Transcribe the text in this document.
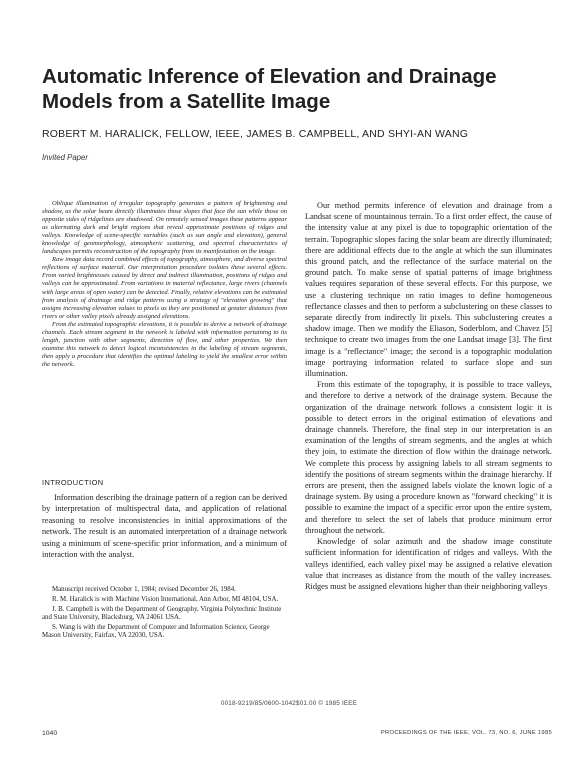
Automatic Inference of Elevation and Drainage Models from a Satellite Image
ROBERT M. HARALICK, FELLOW, IEEE, JAMES B. CAMPBELL, AND SHYI-AN WANG
Invited Paper

Oblique illumination of irregular topography generates a pattern of brightening and shadow, as the solar beam directly illuminates those slopes that face the sun while those on opposite sides of ridgelines are shadowed. On remotely sensed images these patterns appear as alternating dark and bright regions that reveal approximate positions of ridges and valleys. Knowledge of scene-specific variables (such as sun angle and elevation), general knowledge of geomorphology, atmospheric scattering, and spectral characteristics of landscapes permits reconstruction of the topography from its manifestation on the image.

Raw image data record combined effects of topography, atmosphere, and diverse spectral reflections of surface material. Our interpretation procedure isolates these several effects. From varied brightnesses caused by direct and indirect illumination, positions of ridges and valleys can be approximated. From variations in material reflectance, large rivers (channels with large areas of open water) can be detected. Finally, relative elevations can be estimated from analysis of drainage and ridge patterns using a strategy of "elevation growing" that assigns increasing elevation values to pixels as they are positioned at greater distances from rivers or other valley pixels already assigned elevations.

From the estimated topographic elevations, it is possible to derive a network of drainage channels. Each stream segment in the network is labeled with information pertaining to its length, junction with other segments, direction of flow, and other properties. We then examine this network to detect logical inconsistencies in the labeling of stream segments, then apply a procedure that identifies the optimal labeling to yield the smallest error within the network.

INTRODUCTION

Information describing the drainage pattern of a region can be derived by interpretation of multispectral data, and application of relational reasoning to resolve inconsistencies in initial approximations of the network. The result is an automated interpretation of a drainage network using a minimum of scene-specific prior information, and a minimum of interaction with the analyst.

Manuscript received October 1, 1984; revised December 26, 1984.

R. M. Haralick is with Machine Vision International, Ann Arbor, MI 48104, USA.

J. B. Campbell is with the Department of Geography, Virginia Polytechnic Institute and State University, Blacksburg, VA 24061 USA.

S. Wang is with the Department of Computer and Information Science, George Mason University, Fairfax, VA 22030, USA.

Our method permits inference of elevation and drainage from a Landsat scene of mountainous terrain. To a first order effect, the cause of the intensity value at any pixel is due to topographic orientation of the terrain. Topographic slopes facing the solar beam are directly illuminated; there are additional effects due to the angle at which the sun illuminates this ground patch, and the reflectance of the surface material on the ground patch. To make sense of spatial patterns of image brightness values requires separation of these several effects. For this purpose, we use a clustering technique on ratio images to define homogeneous reflectance classes and then to perform a subclustering on these classes to separate directly from indirectly lit pixels. This subclustering creates a shadow image. Then we modify the Eliason, Soderblom, and Chavez [5] technique to create two images from the one Landsat image [3]. The first image is a "reflectance" image; the second is a topographic modulation image portraying information related to surface slope and sun illumination.

From this estimate of the topography, it is possible to trace valleys, and therefore to derive a network of the drainage system. Because the organization of the drainage network follows a consistent logic it is possible to detect errors in the original estimation of elevations and drainage channels. Therefore, the final step in our interpretation is an examination of the lengths of stream segments, and the angles at which they join, to estimate the direction of flow within the drainage network. We complete this process by assigning labels to all stream segments to identify the positions of stream segments within the drainage hierarchy. If errors are present, then the assigned labels violate the known logic of a drainage system. By using a procedure known as "forward checking" it is possible to examine the impact of a specific error upon the entire system, and therefore to select the set of labels that produce minimum error throughout the network.

Knowledge of solar azimuth and the shadow image constitute sufficient information for identification of ridges and valleys. With the valleys identified, each valley pixel may be assigned a relative elevation value that increases as distance from the mouth of the valley increases. Ridges must be assigned elevations higher than their neighboring valleys

0018-9219/85/0600-1042$01.00 © 1985 IEEE
1040	PROCEEDINGS OF THE IEEE, VOL. 73, NO. 6, JUNE 1985
